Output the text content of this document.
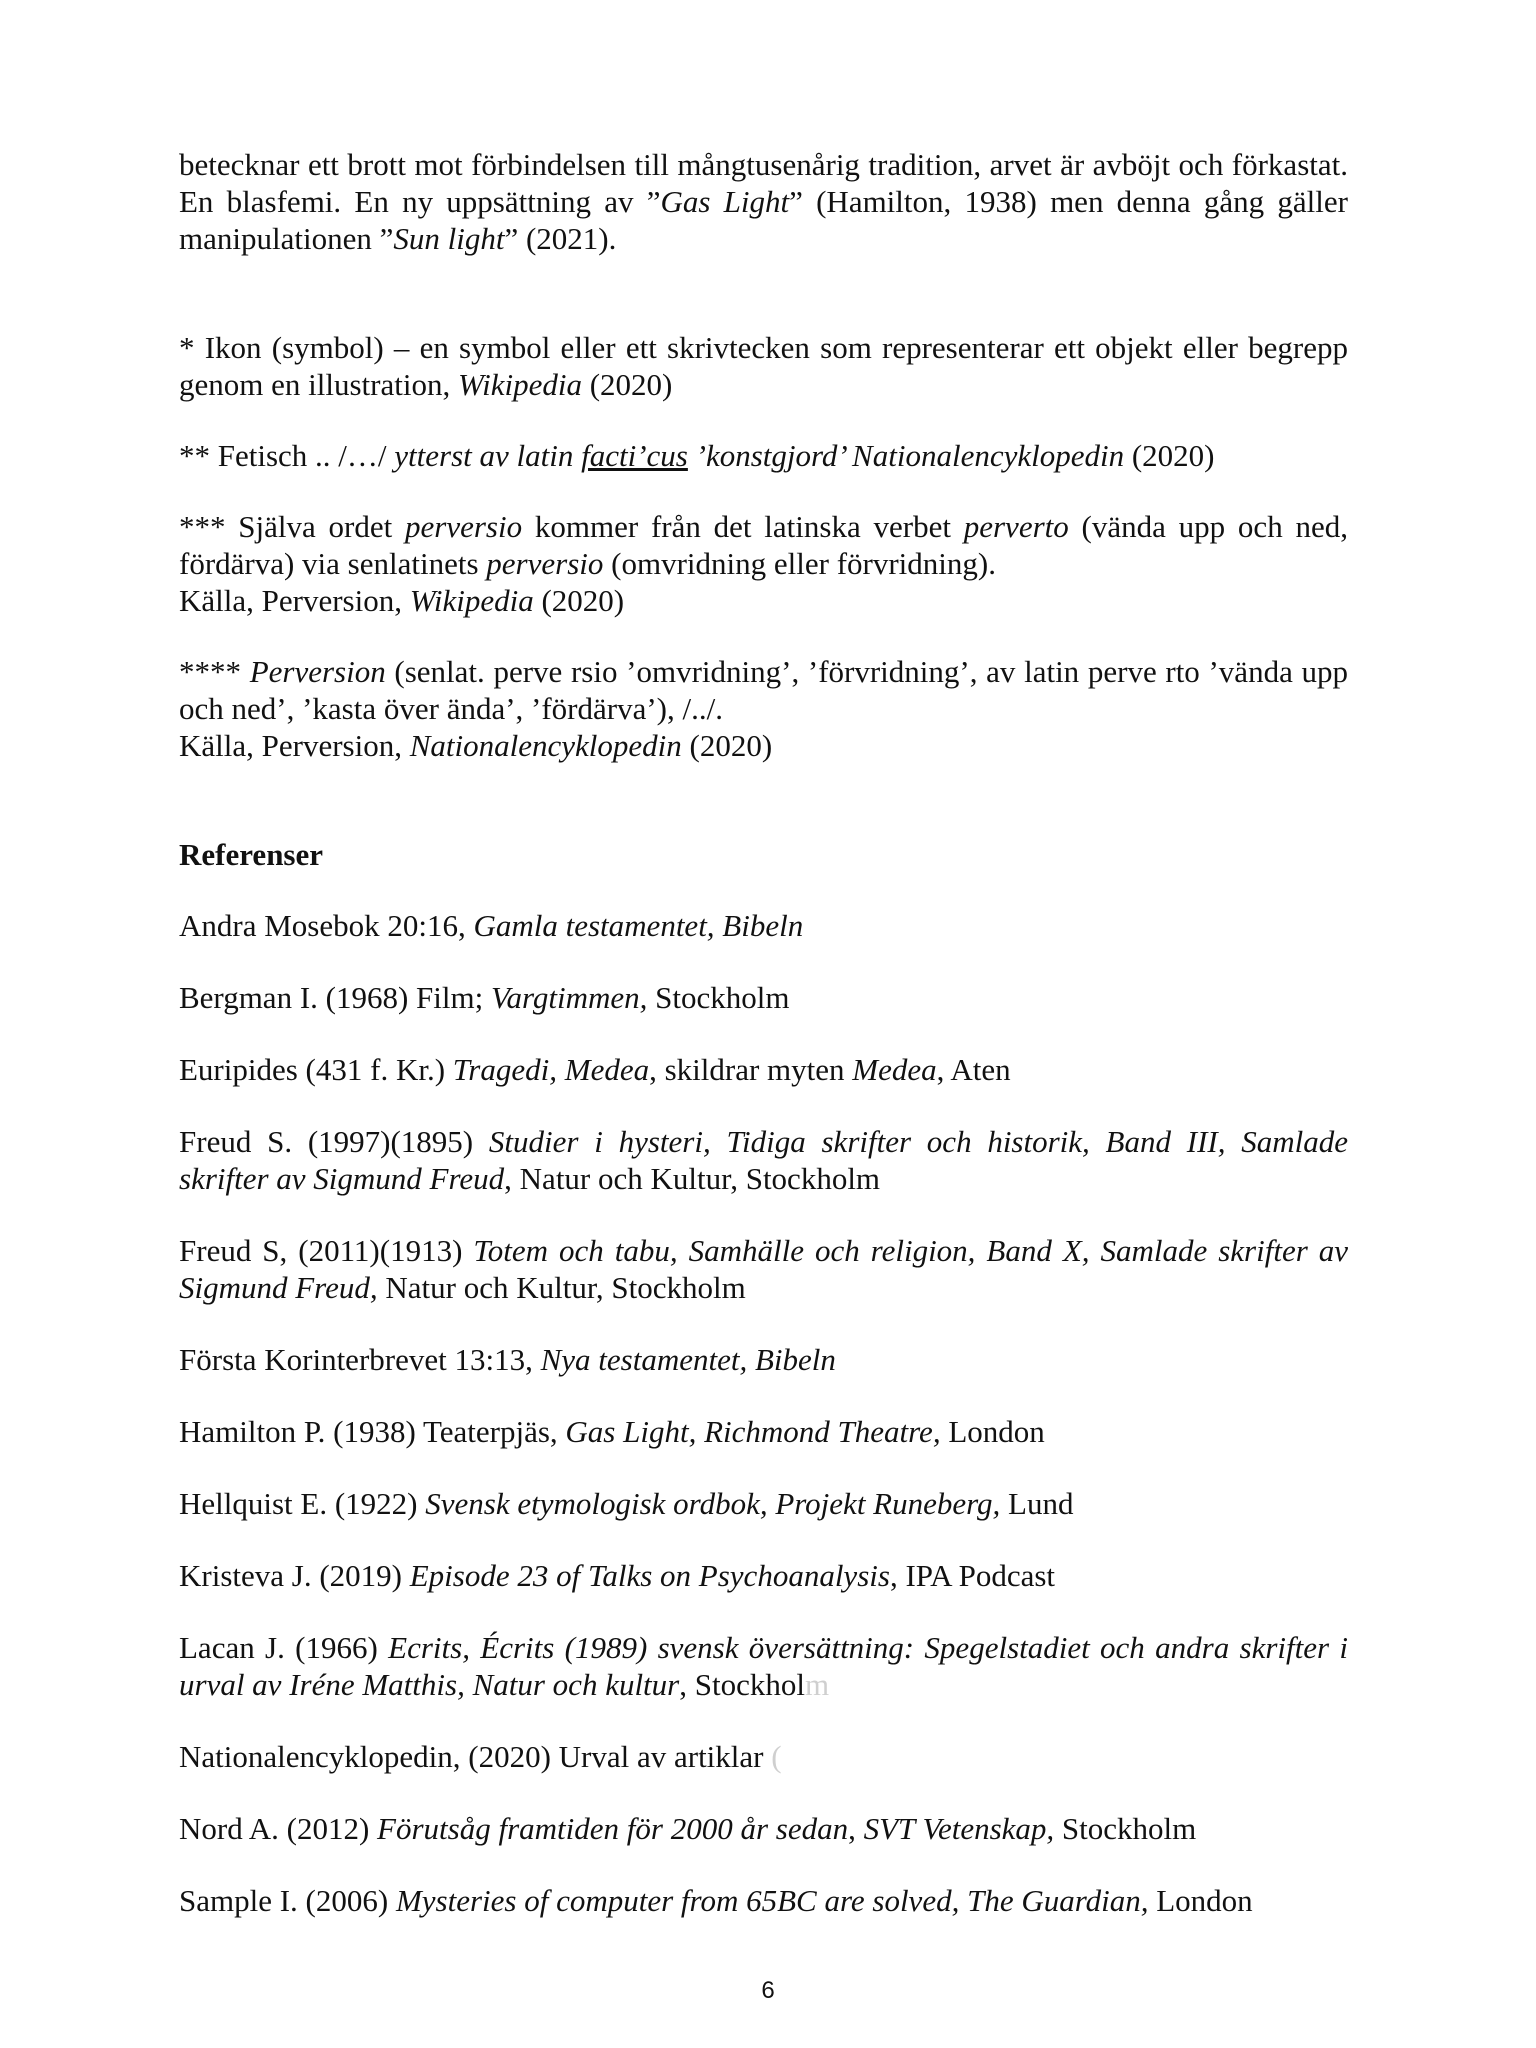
betecknar ett brott mot förbindelsen till mångtusenårig tradition, arvet är avböjt och förkastat. En blasfemi. En ny uppsättning av ”Gas Light” (Hamilton, 1938) men denna gång gäller manipulationen ”Sun light” (2021).

* Ikon (symbol) – en symbol eller ett skrivtecken som representerar ett objekt eller begrepp genom en illustration, Wikipedia (2020)

** Fetisch .. /…/ ytterst av latin facti’cus ’konstgjord’ Nationalencyklopedin (2020)

*** Själva ordet perversio kommer från det latinska verbet perverto (vända upp och ned, fördärva) via senlatinets perversio (omvridning eller förvridning).

Källa, Perversion, Wikipedia (2020)

**** Perversion (senlat. perve rsio ’omvridning’, ’förvridning’, av latin perve rto ’vända upp och ned’, ’kasta över ända’, ’fördärva’), /../.

Källa, Perversion, Nationalencyklopedin (2020)

Referenser

Andra Mosebok 20:16, Gamla testamentet, Bibeln

Bergman I. (1968) Film; Vargtimmen, Stockholm

Euripides (431 f. Kr.) Tragedi, Medea, skildrar myten Medea, Aten

Freud S. (1997)(1895) Studier i hysteri, Tidiga skrifter och historik, Band III, Samlade skrifter av Sigmund Freud, Natur och Kultur, Stockholm

Freud S, (2011)(1913) Totem och tabu, Samhälle och religion, Band X, Samlade skrifter av Sigmund Freud, Natur och Kultur, Stockholm

Första Korinterbrevet 13:13, Nya testamentet, Bibeln

Hamilton P. (1938) Teaterpjäs, Gas Light, Richmond Theatre, London

Hellquist E. (1922) Svensk etymologisk ordbok, Projekt Runeberg, Lund

Kristeva J. (2019) Episode 23 of Talks on Psychoanalysis, IPA Podcast

Lacan J. (1966) Ecrits, Écrits (1989) svensk översättning: Spegelstadiet och andra skrifter i urval av Iréne Matthis, Natur och kultur, Stockholm

Nationalencyklopedin, (2020) Urval av artiklar (

Nord A. (2012) Förutsåg framtiden för 2000 år sedan, SVT Vetenskap, Stockholm

Sample I. (2006) Mysteries of computer from 65BC are solved, The Guardian, London

6
